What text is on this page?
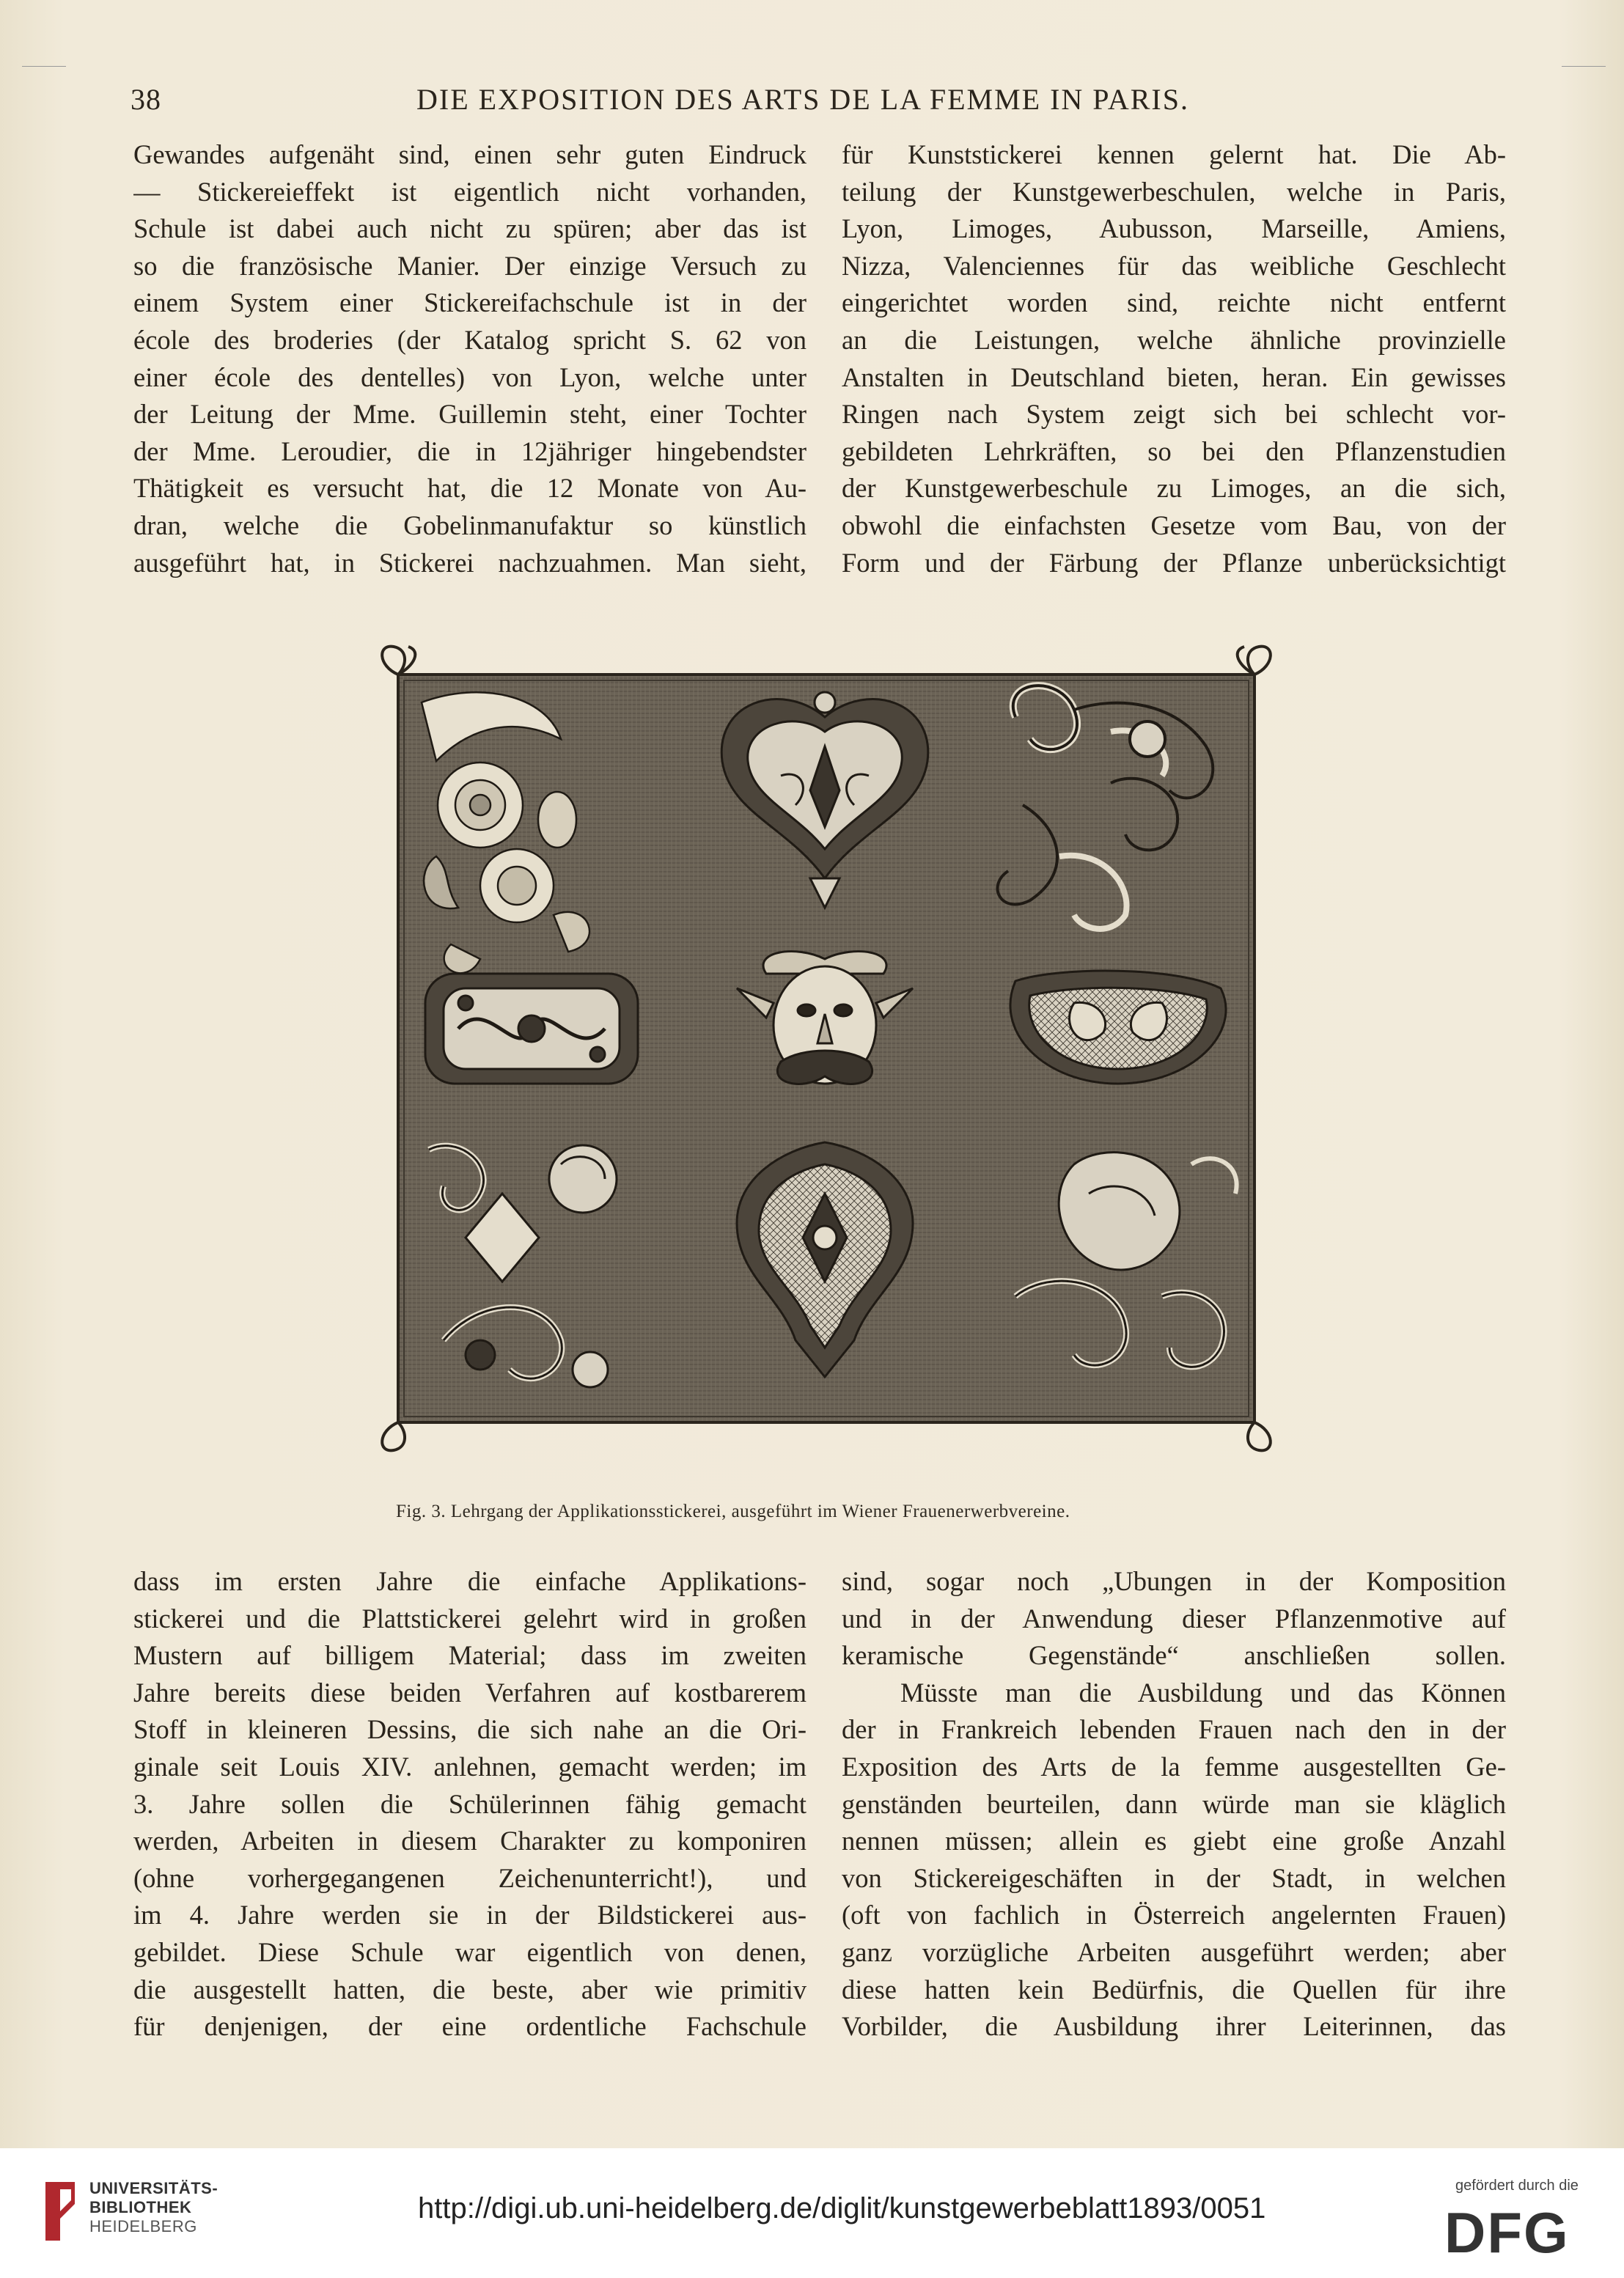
38	DIE EXPOSITION DES ARTS DE LA FEMME IN PARIS.
Gewandes aufgenäht sind, einen sehr guten Eindruck
— Stickereieffekt ist eigentlich nicht vorhanden,
Schule ist dabei auch nicht zu spüren; aber das ist
so die französische Manier. Der einzige Versuch zu
einem System einer Stickereifachschule ist in der
école des broderies (der Katalog spricht S. 62 von
einer école des dentelles) von Lyon, welche unter
der Leitung der Mme. Guillemin steht, einer Tochter
der Mme. Leroudier, die in 12jähriger hingebendster
Thätigkeit es versucht hat, die 12 Monate von Au-
dran, welche die Gobelinmanufaktur so künstlich
ausgeführt hat, in Stickerei nachzuahmen. Man sieht,
für Kunststickerei kennen gelernt hat. Die Ab-
teilung der Kunstgewerbeschulen, welche in Paris,
Lyon, Limoges, Aubusson, Marseille, Amiens,
Nizza, Valenciennes für das weibliche Geschlecht
eingerichtet worden sind, reichte nicht entfernt
an die Leistungen, welche ähnliche provinzielle
Anstalten in Deutschland bieten, heran. Ein gewisses
Ringen nach System zeigt sich bei schlecht vor-
gebildeten Lehrkräften, so bei den Pflanzenstudien
der Kunstgewerbeschule zu Limoges, an die sich,
obwohl die einfachsten Gesetze vom Bau, von der
Form und der Färbung der Pflanze unberücksichtigt
Fig. 3. Lehrgang der Applikationsstickerei, ausgeführt im Wiener Frauenerwerbvereine.
dass im ersten Jahre die einfache Applikations-
stickerei und die Plattstickerei gelehrt wird in großen
Mustern auf billigem Material; dass im zweiten
Jahre bereits diese beiden Verfahren auf kostbarerem
Stoff in kleineren Dessins, die sich nahe an die Ori-
ginale seit Louis XIV. anlehnen, gemacht werden; im
3. Jahre sollen die Schülerinnen fähig gemacht
werden, Arbeiten in diesem Charakter zu komponiren
(ohne vorhergegangenen Zeichenunterricht!), und
im 4. Jahre werden sie in der Bildstickerei aus-
gebildet. Diese Schule war eigentlich von denen,
die ausgestellt hatten, die beste, aber wie primitiv
für denjenigen, der eine ordentliche Fachschule
sind, sogar noch „Ubungen in der Komposition
und in der Anwendung dieser Pflanzenmotive auf
keramische Gegenstände“ anschließen sollen.
Müsste man die Ausbildung und das Können
der in Frankreich lebenden Frauen nach den in der
Exposition des Arts de la femme ausgestellten Ge-
genständen beurteilen, dann würde man sie kläglich
nennen müssen; allein es giebt eine große Anzahl
von Stickereigeschäften in der Stadt, in welchen
(oft von fachlich in Österreich angelernten Frauen)
ganz vorzügliche Arbeiten ausgeführt werden; aber
diese hatten kein Bedürfnis, die Quellen für ihre
Vorbilder, die Ausbildung ihrer Leiterinnen, das
UNIVERSITÄTS-
BIBLIOTHEK
HEIDELBERG
http://digi.ub.uni-heidelberg.de/diglit/kunstgewerbeblatt1893/0051
gefördert durch die
DFG
